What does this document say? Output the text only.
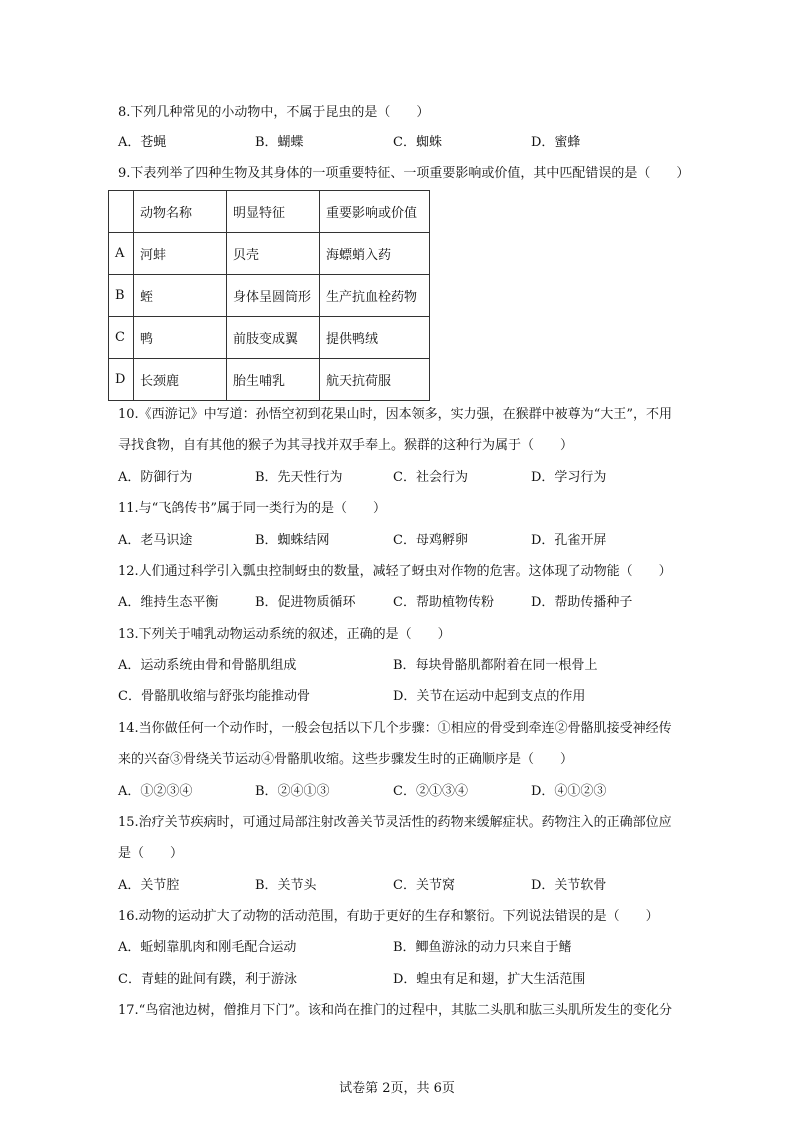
8.下列几种常见的小动物中，不属于昆虫的是（　　）
A．苍蝇	B．蝴蝶	C．蜘蛛	D．蜜蜂
9.下表列举了四种生物及其身体的一项重要特征、一项重要影响或价值，其中匹配错误的是（　　）
	动物名称	明显特征	重要影响或价值
A	河蚌	贝壳	海螵蛸入药
B	蛭	身体呈圆筒形	生产抗血栓药物
C	鸭	前肢变成翼	提供鸭绒
D	长颈鹿	胎生哺乳	航天抗荷服
10.《西游记》中写道：孙悟空初到花果山时，因本领多，实力强，在猴群中被尊为“大王”，不用
寻找食物，自有其他的猴子为其寻找并双手奉上。猴群的这种行为属于（　　）
A．防御行为	B．先天性行为	C．社会行为	D．学习行为
11.与“飞鸽传书”属于同一类行为的是（　　）
A．老马识途	B．蜘蛛结网	C．母鸡孵卵	D．孔雀开屏
12.人们通过科学引入瓢虫控制蚜虫的数量，减轻了蚜虫对作物的危害。这体现了动物能（　　）
A．维持生态平衡	B．促进物质循环	C．帮助植物传粉	D．帮助传播种子
13.下列关于哺乳动物运动系统的叙述，正确的是（　　）
A．运动系统由骨和骨骼肌组成	B．每块骨骼肌都附着在同一根骨上
C．骨骼肌收缩与舒张均能推动骨	D．关节在运动中起到支点的作用
14.当你做任何一个动作时，一般会包括以下几个步骤：①相应的骨受到牵连②骨骼肌接受神经传
来的兴奋③骨绕关节运动④骨骼肌收缩。这些步骤发生时的正确顺序是（　　）
A．①②③④	B．②④①③	C．②①③④	D．④①②③
15.治疗关节疾病时，可通过局部注射改善关节灵活性的药物来缓解症状。药物注入的正确部位应
是（　　）
A．关节腔	B．关节头	C．关节窝	D．关节软骨
16.动物的运动扩大了动物的活动范围，有助于更好的生存和繁衍。下列说法错误的是（　　）
A．蚯蚓靠肌肉和刚毛配合运动	B．鲫鱼游泳的动力只来自于鳍
C．青蛙的趾间有蹼，利于游泳	D．蝗虫有足和翅，扩大生活范围
17.“鸟宿池边树，僧推月下门”。该和尚在推门的过程中，其肱二头肌和肱三头肌所发生的变化分
试卷第 2页，共 6页
